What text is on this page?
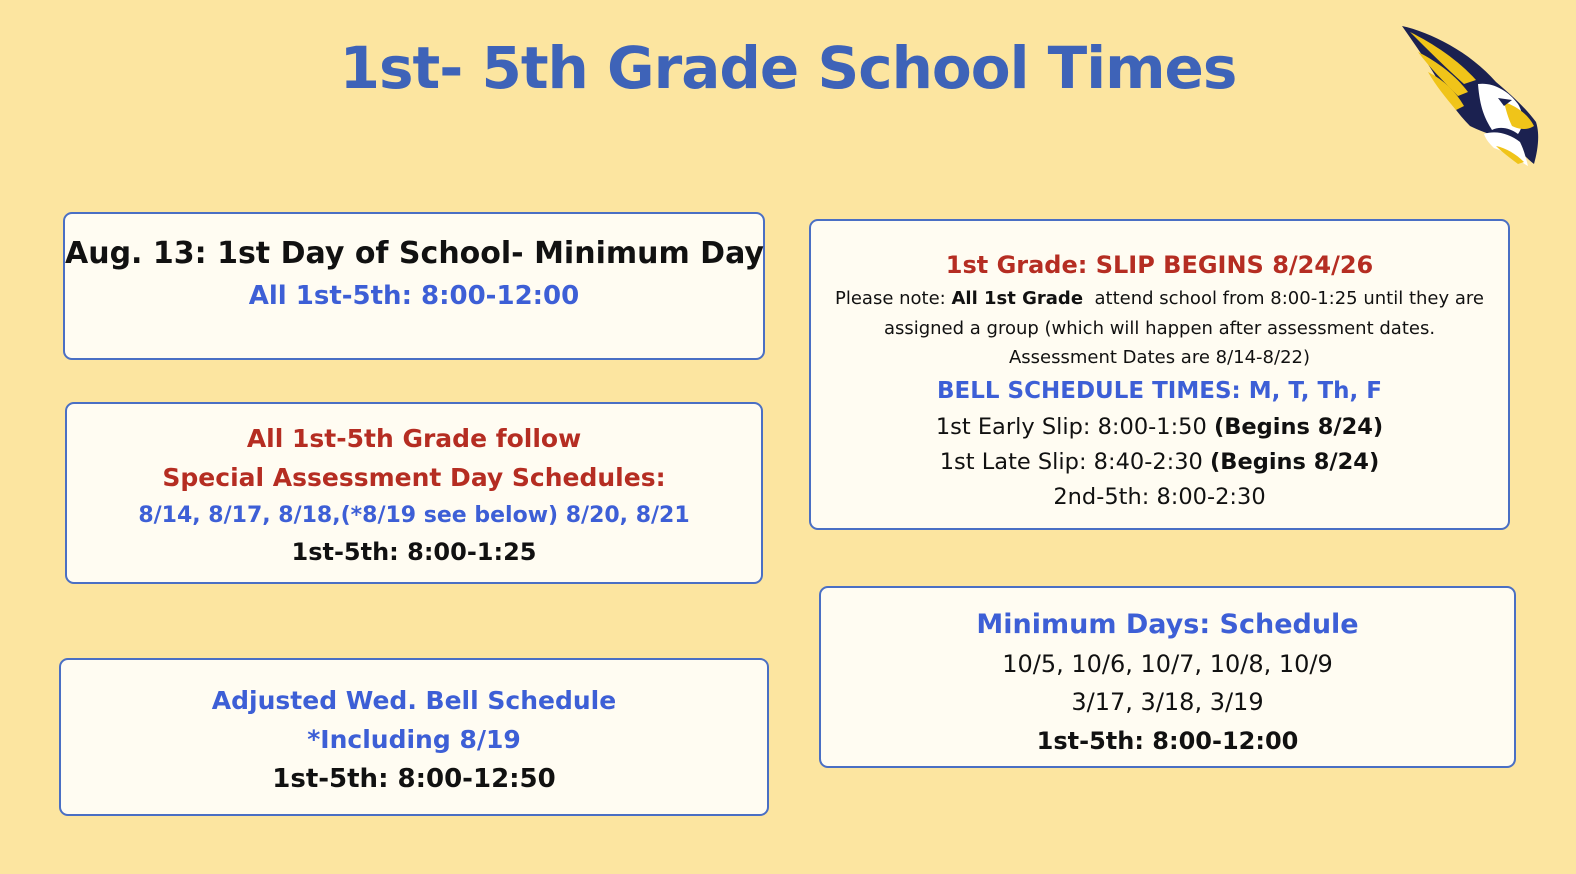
1st- 5th Grade School Times
Aug. 13: 1st Day of School- Minimum Day
All 1st-5th: 8:00-12:00
All 1st-5th Grade follow
Special Assessment Day Schedules:
8/14, 8/17, 8/18,(*8/19 see below) 8/20, 8/21
1st-5th: 8:00-1:25
Adjusted Wed. Bell Schedule
*Including 8/19
1st-5th: 8:00-12:50
1st Grade: SLIP BEGINS 8/24/26
Please note: All 1st Grade  attend school from 8:00-1:25 until they are assigned a group (which will happen after assessment dates. Assessment Dates are 8/14-8/22)
BELL SCHEDULE TIMES: M, T, Th, F
1st Early Slip: 8:00-1:50 (Begins 8/24)
1st Late Slip: 8:40-2:30 (Begins 8/24)
2nd-5th: 8:00-2:30
Minimum Days: Schedule
10/5, 10/6, 10/7, 10/8, 10/9
3/17, 3/18, 3/19
1st-5th: 8:00-12:00
